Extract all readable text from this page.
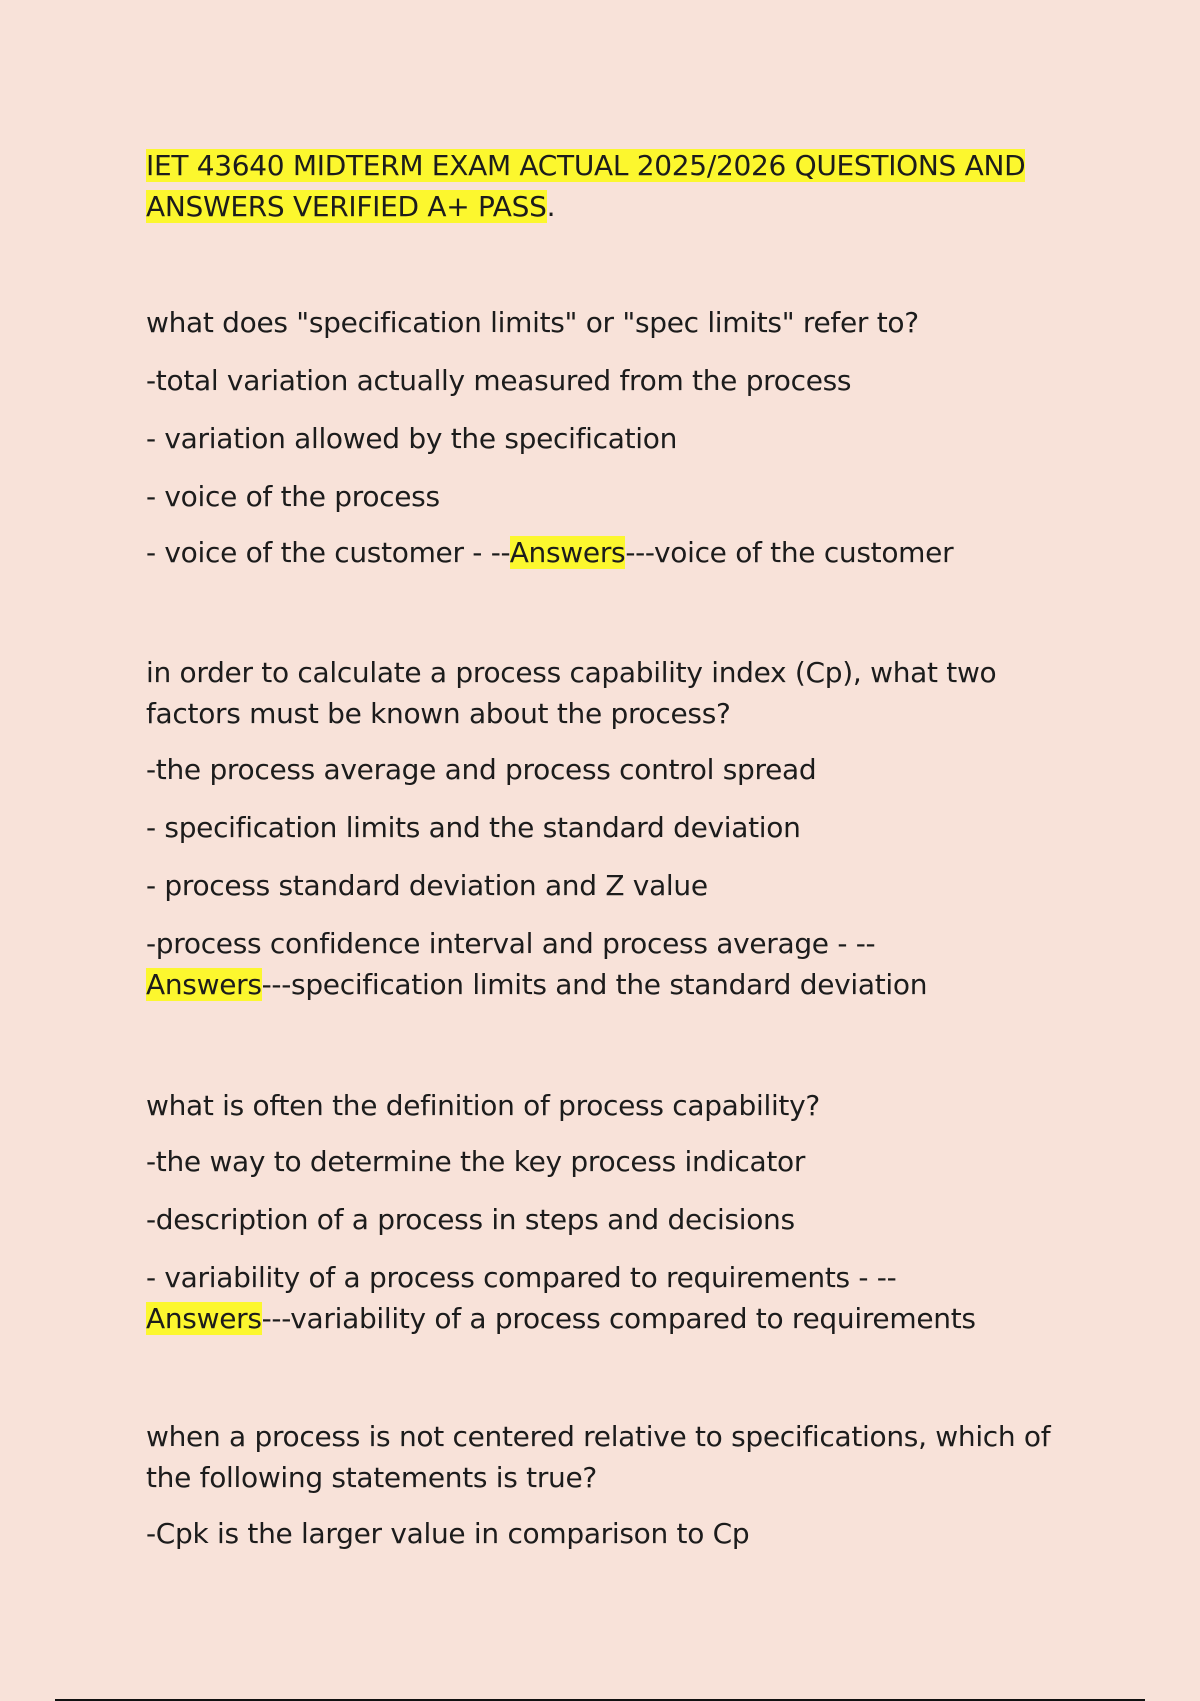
IET 43640 MIDTERM EXAM ACTUAL 2025/2026 QUESTIONS AND ANSWERS VERIFIED A+ PASS.

what does "specification limits" or "spec limits" refer to?

-total variation actually measured from the process

- variation allowed by the specification

- voice of the process

- voice of the customer - --Answers---voice of the customer

in order to calculate a process capability index (Cp), what two factors must be known about the process?

-the process average and process control spread

- specification limits and the standard deviation

- process standard deviation and Z value

-process confidence interval and process average - --
Answers---specification limits and the standard deviation

what is often the definition of process capability?

-the way to determine the key process indicator

-description of a process in steps and decisions

- variability of a process compared to requirements - --
Answers---variability of a process compared to requirements

when a process is not centered relative to specifications, which of the following statements is true?

-Cpk is the larger value in comparison to Cp
